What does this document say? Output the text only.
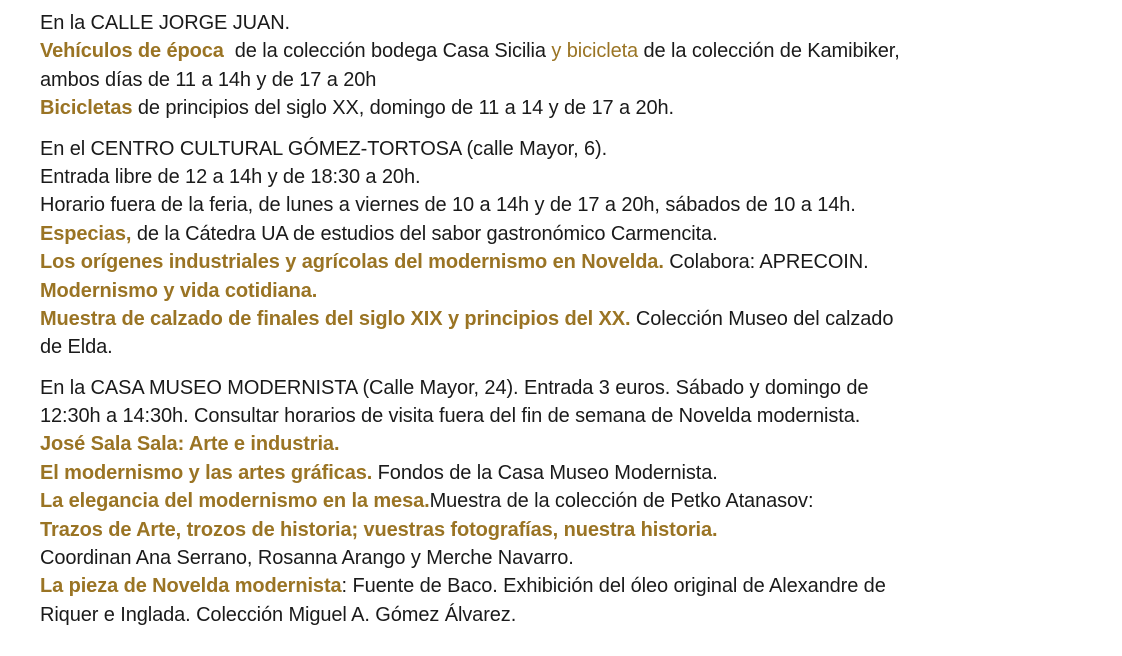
En la CALLE JORGE JUAN.
Vehículos de época  de la colección bodega Casa Sicilia y bicicleta de la colección de Kamibiker,
ambos días de 11 a 14h y de 17 a 20h
Bicicletas de principios del siglo XX, domingo de 11 a 14 y de 17 a 20h.
En el CENTRO CULTURAL GÓMEZ-TORTOSA (calle Mayor, 6).
Entrada libre de 12 a 14h y de 18:30 a 20h.
Horario fuera de la feria, de lunes a viernes de 10 a 14h y de 17 a 20h, sábados de 10 a 14h.
Especias, de la Cátedra UA de estudios del sabor gastronómico Carmencita.
Los orígenes industriales y agrícolas del modernismo en Novelda. Colabora: APRECOIN.
Modernismo y vida cotidiana.
Muestra de calzado de finales del siglo XIX y principios del XX. Colección Museo del calzado
de Elda.
En la CASA MUSEO MODERNISTA (Calle Mayor, 24). Entrada 3 euros. Sábado y domingo de
12:30h a 14:30h. Consultar horarios de visita fuera del fin de semana de Novelda modernista.
José Sala Sala: Arte e industria.
El modernismo y las artes gráficas. Fondos de la Casa Museo Modernista.
La elegancia del modernismo en la mesa.Muestra de la colección de Petko Atanasov:
Trazos de Arte, trozos de historia; vuestras fotografías, nuestra historia.
Coordinan Ana Serrano, Rosanna Arango y Merche Navarro.
La pieza de Novelda modernista: Fuente de Baco. Exhibición del óleo original de Alexandre de
Riquer e Inglada. Colección Miguel A. Gómez Álvarez.
